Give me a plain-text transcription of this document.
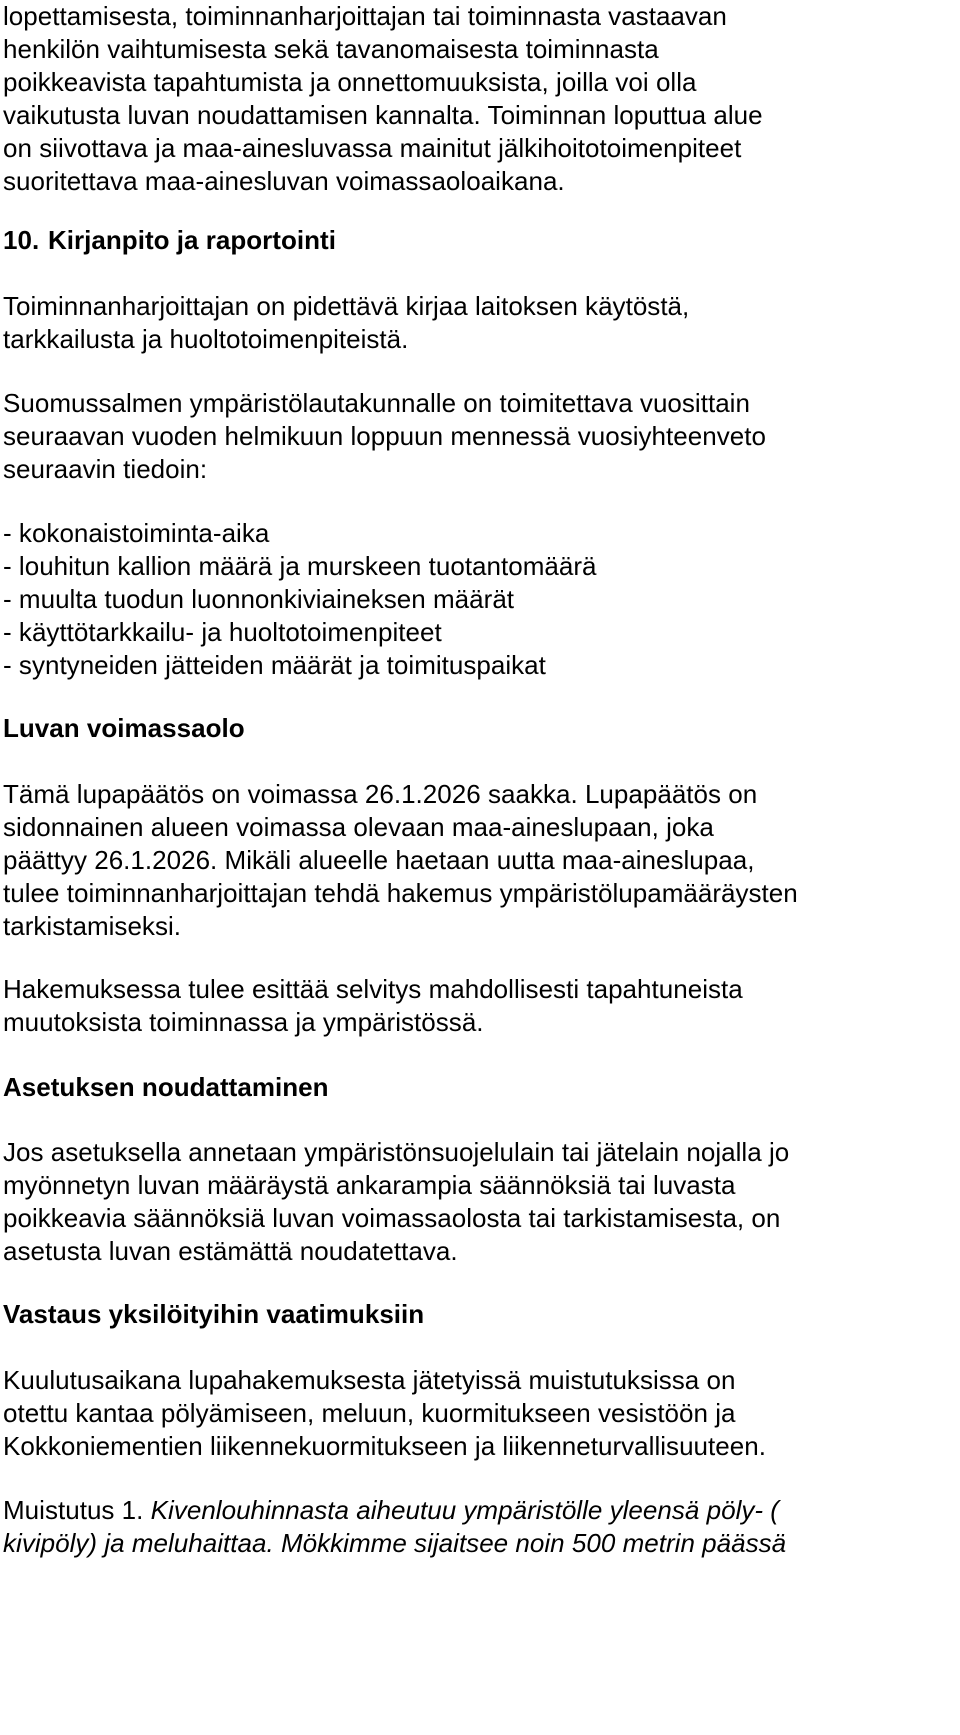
lopettamisesta, toiminnanharjoittajan tai toiminnasta vastaavan
henkilön vaihtumisesta sekä tavanomaisesta toiminnasta
poikkeavista tapahtumista ja onnettomuuksista, joilla voi olla
vaikutusta luvan noudattamisen kannalta. Toiminnan loputtua alue
on siivottava ja maa-ainesluvassa mainitut jälkihoitotoimenpiteet
suoritettava maa-ainesluvan voimassaoloaikana.
10. Kirjanpito ja raportointi
Toiminnanharjoittajan on pidettävä kirjaa laitoksen käytöstä,
tarkkailusta ja huoltotoimenpiteistä.
Suomussalmen ympäristölautakunnalle on toimitettava vuosittain
seuraavan vuoden helmikuun loppuun mennessä vuosiyhteenveto
seuraavin tiedoin:
- kokonaistoiminta-aika
- louhitun kallion määrä ja murskeen tuotantomäärä
- muulta tuodun luonnonkiviaineksen määrät
- käyttötarkkailu- ja huoltotoimenpiteet
- syntyneiden jätteiden määrät ja toimituspaikat
Luvan voimassaolo
Tämä lupapäätös on voimassa 26.1.2026 saakka. Lupapäätös on
sidonnainen alueen voimassa olevaan maa-aineslupaan, joka
päättyy 26.1.2026. Mikäli alueelle haetaan uutta maa-aineslupaa,
tulee toiminnanharjoittajan tehdä hakemus ympäristölupamääräysten
tarkistamiseksi.
Hakemuksessa tulee esittää selvitys mahdollisesti tapahtuneista
muutoksista toiminnassa ja ympäristössä.
Asetuksen noudattaminen
Jos asetuksella annetaan ympäristönsuojelulain tai jätelain nojalla jo
myönnetyn luvan määräystä ankarampia säännöksiä tai luvasta
poikkeavia säännöksiä luvan voimassaolosta tai tarkistamisesta, on
asetusta luvan estämättä noudatettava.
Vastaus yksilöityihin vaatimuksiin
Kuulutusaikana lupahakemuksesta jätetyissä muistutuksissa on
otettu kantaa pölyämiseen, meluun, kuormitukseen vesistöön ja
Kokkoniementien liikennekuormitukseen ja liikenneturvallisuuteen.
Muistutus 1. Kivenlouhinnasta aiheutuu ympäristölle yleensä pöly- (
kivipöly) ja meluhaittaa. Mökkimme sijaitsee noin 500 metrin päässä
